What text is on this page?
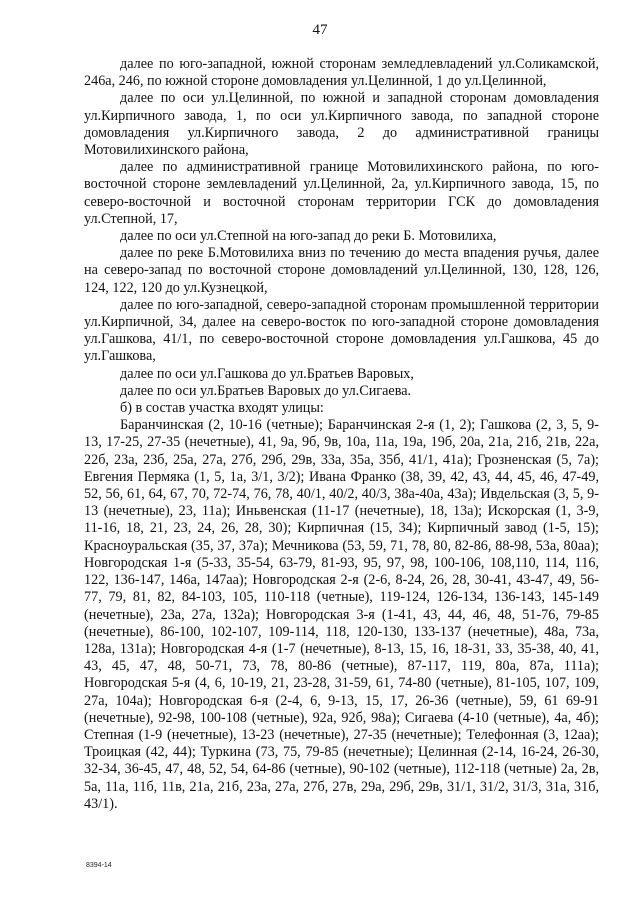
47

далее по юго-западной, южной сторонам земледлевладений ул.Соликамской, 246а, 246, по южной стороне домовладения ул.Целинной, 1 до ул.Целинной,

далее по оси ул.Целинной, по южной и западной сторонам домовладения ул.Кирпичного завода, 1, по оси ул.Кирпичного завода, по западной стороне домовладения ул.Кирпичного завода, 2 до административной границы Мотовилихинского района,

далее по административной границе Мотовилихинского района, по юго-восточной стороне землевладений ул.Целинной, 2а, ул.Кирпичного завода, 15, по северо-восточной и восточной сторонам территории ГСК до домовладения ул.Степной, 17,

далее по оси ул.Степной на юго-запад до реки Б. Мотовилиха,

далее по реке Б.Мотовилиха вниз по течению до места впадения ручья, далее на северо-запад по восточной стороне домовладений ул.Целинной, 130, 128, 126, 124, 122, 120 до ул.Кузнецкой,

далее по юго-западной, северо-западной сторонам промышленной территории ул.Кирпичной, 34, далее на северо-восток по юго-западной стороне домовладения ул.Гашкова, 41/1, по северо-восточной стороне домовладения ул.Гашкова, 45 до ул.Гашкова,

далее по оси ул.Гашкова до ул.Братьев Варовых,

далее по оси ул.Братьев Варовых до ул.Сигаева.

б) в состав участка входят улицы:

Баранчинская (2, 10-16 (четные); Баранчинская 2-я (1, 2); Гашкова (2, 3, 5, 9-13, 17-25, 27-35 (нечетные), 41, 9а, 9б, 9в, 10а, 11а, 19а, 19б, 20а, 21а, 21б, 21в, 22а, 22б, 23а, 23б, 25а, 27а, 27б, 29б, 29в, 33а, 35а, 35б, 41/1, 41а); Грозненская (5, 7а); Евгения Пермяка (1, 5, 1а, 3/1, 3/2); Ивана Франко (38, 39, 42, 43, 44, 45, 46, 47-49, 52, 56, 61, 64, 67, 70, 72-74, 76, 78, 40/1, 40/2, 40/3, 38а-40а, 43а); Ивдельская (3, 5, 9-13 (нечетные), 23, 11а); Иньвенская (11-17 (нечетные), 18, 13а); Искорская (1, 3-9, 11-16, 18, 21, 23, 24, 26, 28, 30); Кирпичная (15, 34); Кирпичный завод (1-5, 15); Красноуральская (35, 37, 37а); Мечникова (53, 59, 71, 78, 80, 82-86, 88-98, 53а, 80аа); Новгородская 1-я (5-33, 35-54, 63-79, 81-93, 95, 97, 98, 100-106, 108,110, 114, 116, 122, 136-147, 146а, 147аа); Новгородская 2-я (2-6, 8-24, 26, 28, 30-41, 43-47, 49, 56-77, 79, 81, 82, 84-103, 105, 110-118 (четные), 119-124, 126-134, 136-143, 145-149 (нечетные), 23а, 27а, 132а); Новгородская 3-я (1-41, 43, 44, 46, 48, 51-76, 79-85 (нечетные), 86-100, 102-107, 109-114, 118, 120-130, 133-137 (нечетные), 48а, 73а, 128а, 131а); Новгородская 4-я (1-7 (нечетные), 8-13, 15, 16, 18-31, 33, 35-38, 40, 41, 43, 45, 47, 48, 50-71, 73, 78, 80-86 (четные), 87-117, 119, 80а, 87а, 111а); Новгородская 5-я (4, 6, 10-19, 21, 23-28, 31-59, 61, 74-80 (четные), 81-105, 107, 109, 27а, 104а); Новгородская 6-я (2-4, 6, 9-13, 15, 17, 26-36 (четные), 59, 61 69-91 (нечетные), 92-98, 100-108 (четные), 92а, 92б, 98а); Сигаева (4-10 (четные), 4а, 4б); Степная (1-9 (нечетные), 13-23 (нечетные), 27-35 (нечетные); Телефонная (3, 12аа); Троицкая (42, 44); Туркина (73, 75, 79-85 (нечетные); Целинная (2-14, 16-24, 26-30, 32-34, 36-45, 47, 48, 52, 54, 64-86 (четные), 90-102 (четные), 112-118 (четные) 2а, 2в, 5а, 11а, 11б, 11в, 21а, 21б, 23а, 27а, 27б, 27в, 29а, 29б, 29в, 31/1, 31/2, 31/3, 31а, 31б, 43/1).

8394-14
